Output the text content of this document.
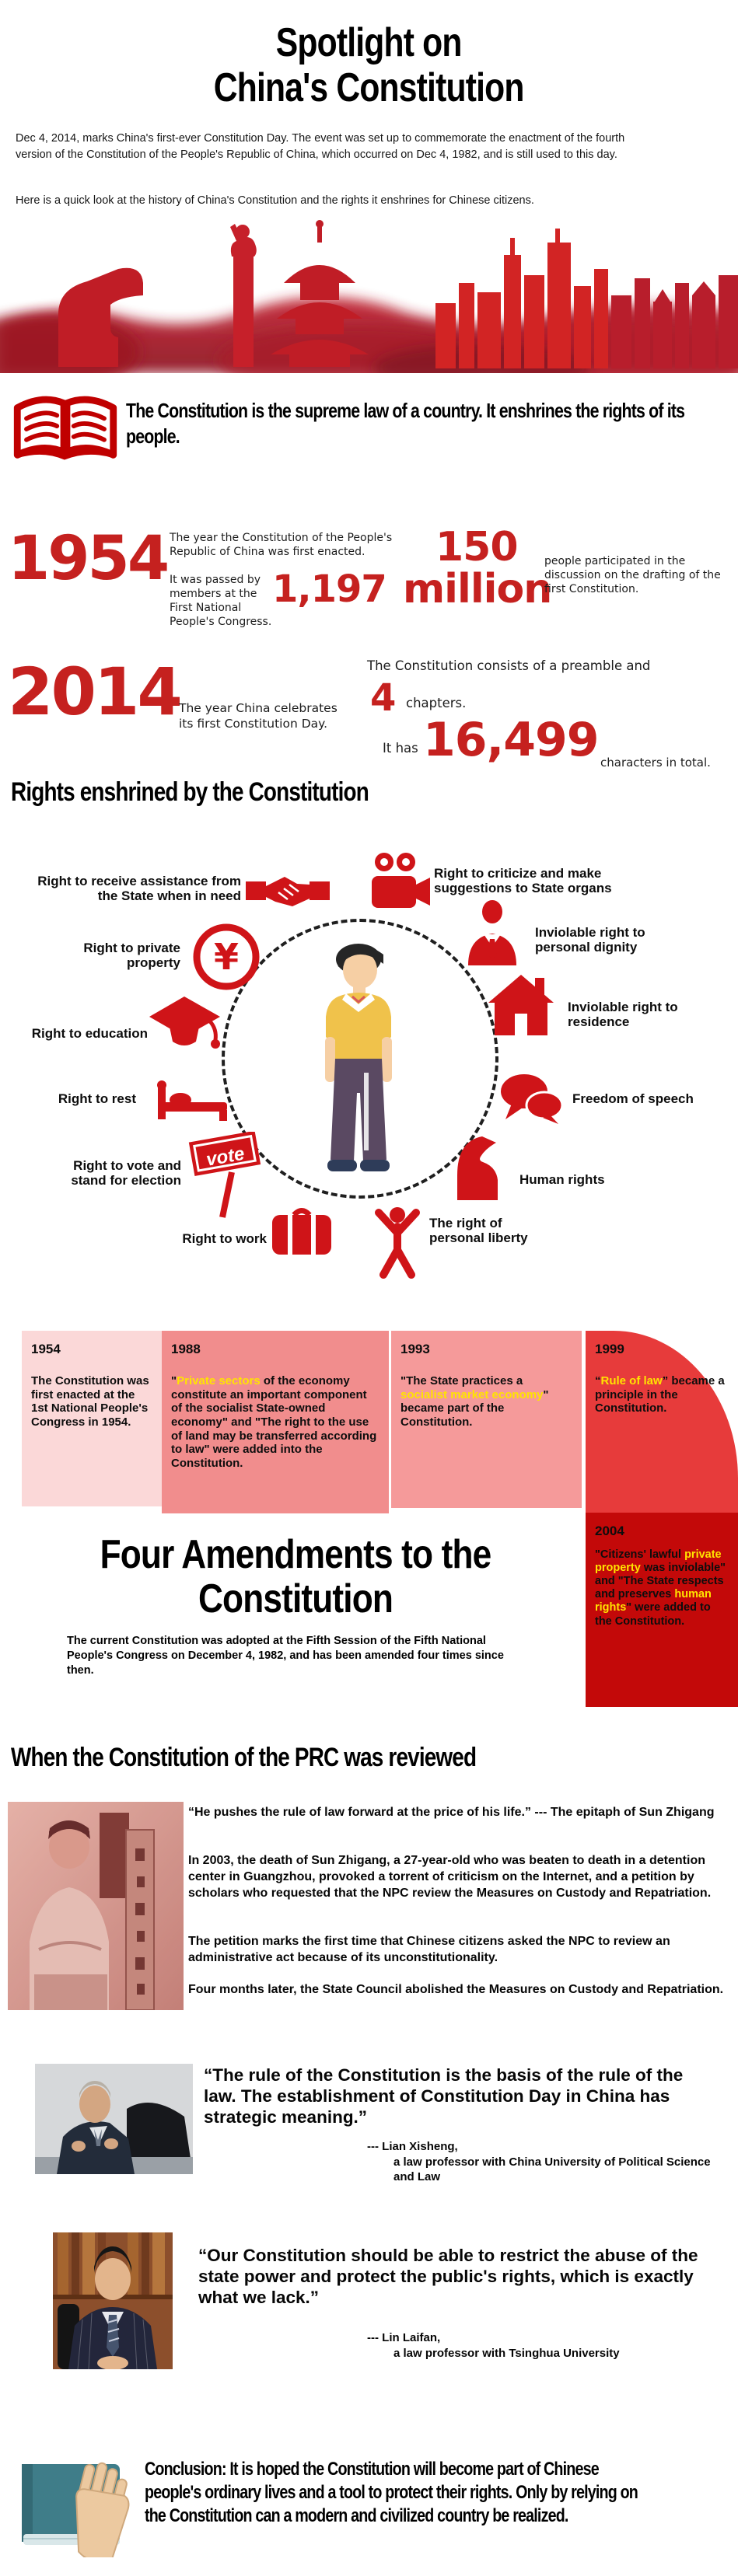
Spotlight on
China's Constitution
Dec 4, 2014, marks China's first-ever Constitution Day. The event was set up to commemorate the enactment of the fourth version of the Constitution of the People's Republic of China, which occurred on Dec 4, 1982, and is still used to this day.
Here is a quick look at the history of China's Constitution and the rights it enshrines for Chinese citizens.
The Constitution is the supreme law of a country. It enshrines the rights of its people.
1954 The year the Constitution of the People's Republic of China was first enacted.
It was passed by members at the First National People's Congress.
1,197
150
million
people participated in the discussion on the drafting of the first Constitution.
2014
The year China celebrates its first Constitution Day.
The Constitution consists of a preamble and
4 chapters.
It has 16,499 characters in total.
Rights enshrined by the Constitution
Right to receive assistance from the State when in need
Right to criticize and make suggestions to State organs
Right to private property ¥
Inviolable right to personal dignity
Right to education
Inviolable right to residence
Right to rest	Freedom of speech
Right to vote and stand for election
vote
Human rights
Right to work
The right of personal liberty
1954
The Constitution was first enacted at the 1st National People's Congress in 1954.
1988
"Private sectors of the economy constitute an important component of the socialist State-owned economy" and "The right to the use of land may be transferred according to law" were added into the Constitution.
1993
"The State practices a socialist market economy" became part of the Constitution.
1999
“Rule of law” became a principle in the Constitution.
2004
"Citizens' lawful private property was inviolable" and "The State respects and preserves human rights" were added to the Constitution.
Four Amendments to the Constitution
The current Constitution was adopted at the Fifth Session of the Fifth National People's Congress on December 4, 1982, and has been amended four times since then.
When the Constitution of the PRC was reviewed
“He pushes the rule of law forward at the price of his life.” --- The epitaph of Sun Zhigang
In 2003, the death of Sun Zhigang, a 27-year-old who was beaten to death in a detention center in Guangzhou, provoked a torrent of criticism on the Internet, and a petition by scholars who requested that the NPC review the Measures on Custody and Repatriation.
The petition marks the first time that Chinese citizens asked the NPC to review an administrative act because of its unconstitutionality.
Four months later, the State Council abolished the Measures on Custody and Repatriation.
“The rule of the Constitution is the basis of the rule of the law. The establishment of Constitution Day in China has strategic meaning.”
--- Lian Xisheng,
a law professor with China University of Political Science and Law
“Our Constitution should be able to restrict the abuse of the state power and protect the public's rights, which is exactly what we lack.”
--- Lin Laifan,
a law professor with Tsinghua University
Conclusion: It is hoped the Constitution will become part of Chinese people's ordinary lives and a tool to protect their rights. Only by relying on the Constitution can a modern and civilized country be realized.
